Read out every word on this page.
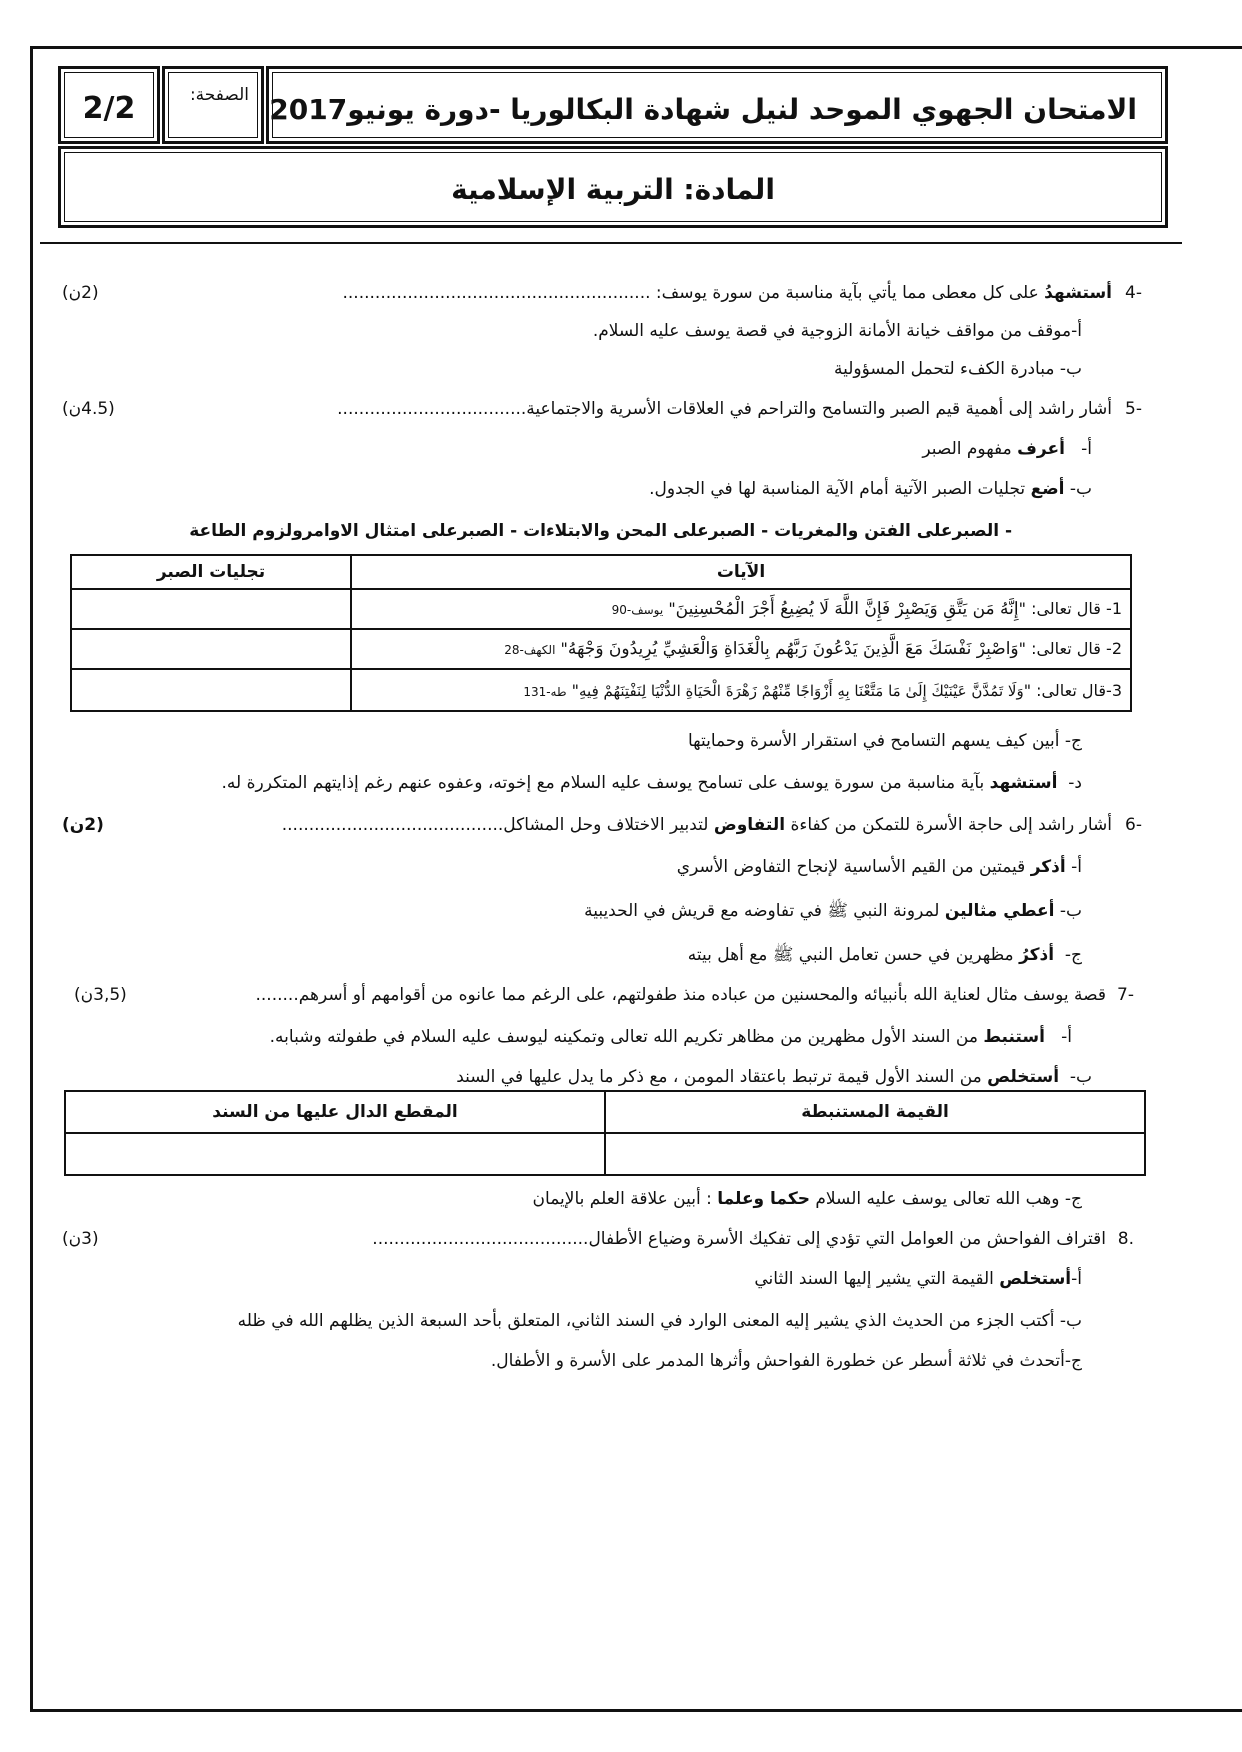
2/2	الصفحة: الامتحان الجهوي الموحد لنيل شهادة البكالوريا -دورة يونيو2017
المادة: التربية الإسلامية
-4
أستشهدُ على كل معطى مما يأتي بآية مناسبة من سورة يوسف: .........................................................
(2ن)
أ-موقف من مواقف خيانة الأمانة الزوجية في قصة يوسف عليه السلام.
ب- مبادرة الكفء لتحمل المسؤولية
-5
أشار راشد إلى أهمية قيم الصبر والتسامح والتراحم في العلاقات الأسرية والاجتماعية...................................
(4.5ن)
أ-   أعرف مفهوم الصبر
ب- أضع تجليات الصبر الآتية أمام الآية المناسبة لها في الجدول.
- الصبرعلى الفتن والمغريات - الصبرعلى المحن والابتلاءات - الصبرعلى امتثال الاوامرولزوم الطاعة
الآيات	تجليات الصبر
1- قال تعالى: "إِنَّهُ مَن يَتَّقِ وَيَصْبِرْ فَإِنَّ اللَّهَ لَا يُضِيعُ أَجْرَ الْمُحْسِنِينَ" يوسف-90	
2- قال تعالى: "وَاصْبِرْ نَفْسَكَ مَعَ الَّذِينَ يَدْعُونَ رَبَّهُم بِالْغَدَاةِ وَالْعَشِيِّ يُرِيدُونَ وَجْهَهُ" الكهف-28	
3-قال تعالى: "وَلَا تَمُدَّنَّ عَيْنَيْكَ إِلَىٰ مَا مَتَّعْنَا بِهِ أَزْوَاجًا مِّنْهُمْ زَهْرَةَ الْحَيَاةِ الدُّنْيَا لِنَفْتِنَهُمْ فِيهِ" طه-131	
ج- أبين كيف يسهم التسامح في استقرار الأسرة وحمايتها
د-  أستشهد بآية مناسبة من سورة يوسف على تسامح يوسف عليه السلام مع إخوته، وعفوه عنهم رغم إذايتهم المتكررة له.
-6
أشار راشد إلى حاجة الأسرة للتمكن من كفاءة التفاوض لتدبير الاختلاف وحل المشاكل.........................................
(2ن)
أ- أذكر قيمتين من القيم الأساسية لإنجاح التفاوض الأسري
ب- أعطي مثالين لمرونة النبي ﷺ في تفاوضه مع قريش في الحديبية
ج-  أذكرُ مظهرين في حسن تعامل النبي ﷺ مع أهل بيته
-7
قصة يوسف مثال لعناية الله بأنبيائه والمحسنين من عباده منذ طفولتهم، على الرغم مما عانوه من أقوامهم أو أسرهم........
(3,5ن)
أ-   أستنبط من السند الأول مظهرين من مظاهر تكريم الله تعالى وتمكينه ليوسف عليه السلام في طفولته وشبابه.
ب-  أستخلص من السند الأول قيمة ترتبط باعتقاد المومن ، مع ذكر ما يدل عليها في السند
القيمة المستنبطة	المقطع الدال عليها من السند

ج- وهب الله تعالى يوسف عليه السلام حكما وعلما : أبين علاقة العلم بالإيمان
.8
اقتراف الفواحش من العوامل التي تؤدي إلى تفكيك الأسرة وضياع الأطفال........................................
(3ن)
أ-أستخلص القيمة التي يشير إليها السند الثاني
ب- أكتب الجزء من الحديث الذي يشير إليه المعنى الوارد في السند الثاني، المتعلق بأحد السبعة الذين يظلهم الله في ظله
ج-أتحدث في ثلاثة أسطر عن خطورة الفواحش وأثرها المدمر على الأسرة و الأطفال.
